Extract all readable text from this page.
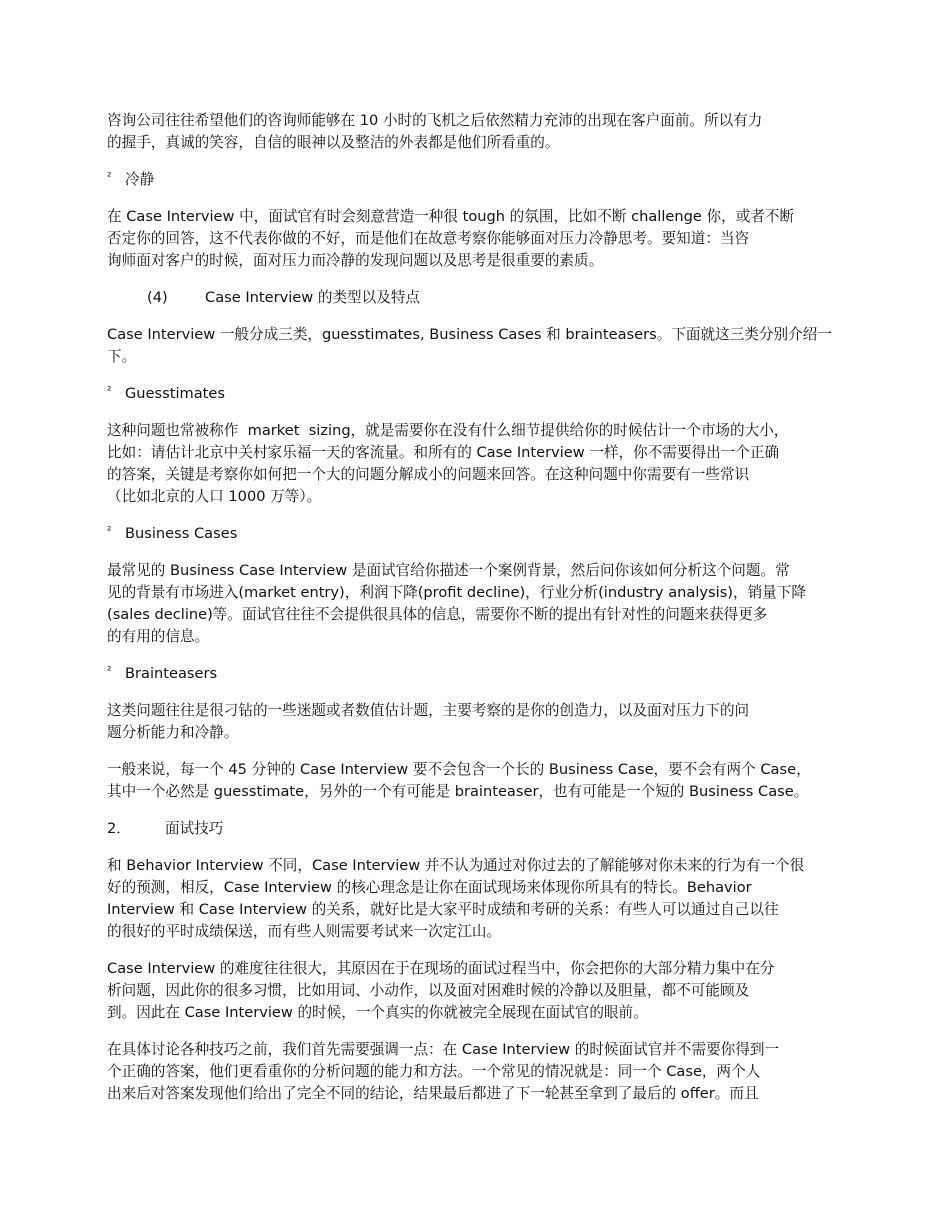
咨询公司往往希望他们的咨询师能够在 10 小时的飞机之后依然精力充沛的出现在客户面前。所以有力
的握手，真诚的笑容，自信的眼神以及整洁的外表都是他们所看重的。

² 冷静

在 Case Interview 中，面试官有时会刻意营造一种很 tough 的氛围，比如不断 challenge 你，或者不断
否定你的回答，这不代表你做的不好，而是他们在故意考察你能够面对压力冷静思考。要知道：当咨
询师面对客户的时候，面对压力而冷静的发现问题以及思考是很重要的素质。

(4)	Case Interview 的类型以及特点

Case Interview 一般分成三类，guesstimates, Business Cases 和 brainteasers。下面就这三类分别介绍一
下。

² Guesstimates

这种问题也常被称作  market  sizing，就是需要你在没有什么细节提供给你的时候估计一个市场的大小，
比如：请估计北京中关村家乐福一天的客流量。和所有的 Case Interview 一样，你不需要得出一个正确
的答案，关键是考察你如何把一个大的问题分解成小的问题来回答。在这种问题中你需要有一些常识
（比如北京的人口 1000 万等）。

² Business Cases

最常见的 Business Case Interview 是面试官给你描述一个案例背景，然后问你该如何分析这个问题。常
见的背景有市场进入(market entry)，利润下降(profit decline)，行业分析(industry analysis)，销量下降
(sales decline)等。面试官往往不会提供很具体的信息，需要你不断的提出有针对性的问题来获得更多
的有用的信息。

² Brainteasers

这类问题往往是很刁钻的一些迷题或者数值估计题，主要考察的是你的创造力，以及面对压力下的问
题分析能力和冷静。

一般来说，每一个 45 分钟的 Case Interview 要不会包含一个长的 Business Case，要不会有两个 Case，
其中一个必然是 guesstimate，另外的一个有可能是 brainteaser，也有可能是一个短的 Business Case。

2． 面试技巧

和 Behavior Interview 不同，Case Interview 并不认为通过对你过去的了解能够对你未来的行为有一个很
好的预测，相反，Case Interview 的核心理念是让你在面试现场来体现你所具有的特长。Behavior
Interview 和 Case Interview 的关系，就好比是大家平时成绩和考研的关系：有些人可以通过自己以往
的很好的平时成绩保送，而有些人则需要考试来一次定江山。

Case Interview 的难度往往很大，其原因在于在现场的面试过程当中，你会把你的大部分精力集中在分
析问题，因此你的很多习惯，比如用词、小动作，以及面对困难时候的冷静以及胆量，都不可能顾及
到。因此在 Case Interview 的时候，一个真实的你就被完全展现在面试官的眼前。

在具体讨论各种技巧之前，我们首先需要强调一点：在 Case Interview 的时候面试官并不需要你得到一
个正确的答案，他们更看重你的分析问题的能力和方法。一个常见的情况就是：同一个 Case，两个人
出来后对答案发现他们给出了完全不同的结论，结果最后都进了下一轮甚至拿到了最后的 offer。而且
